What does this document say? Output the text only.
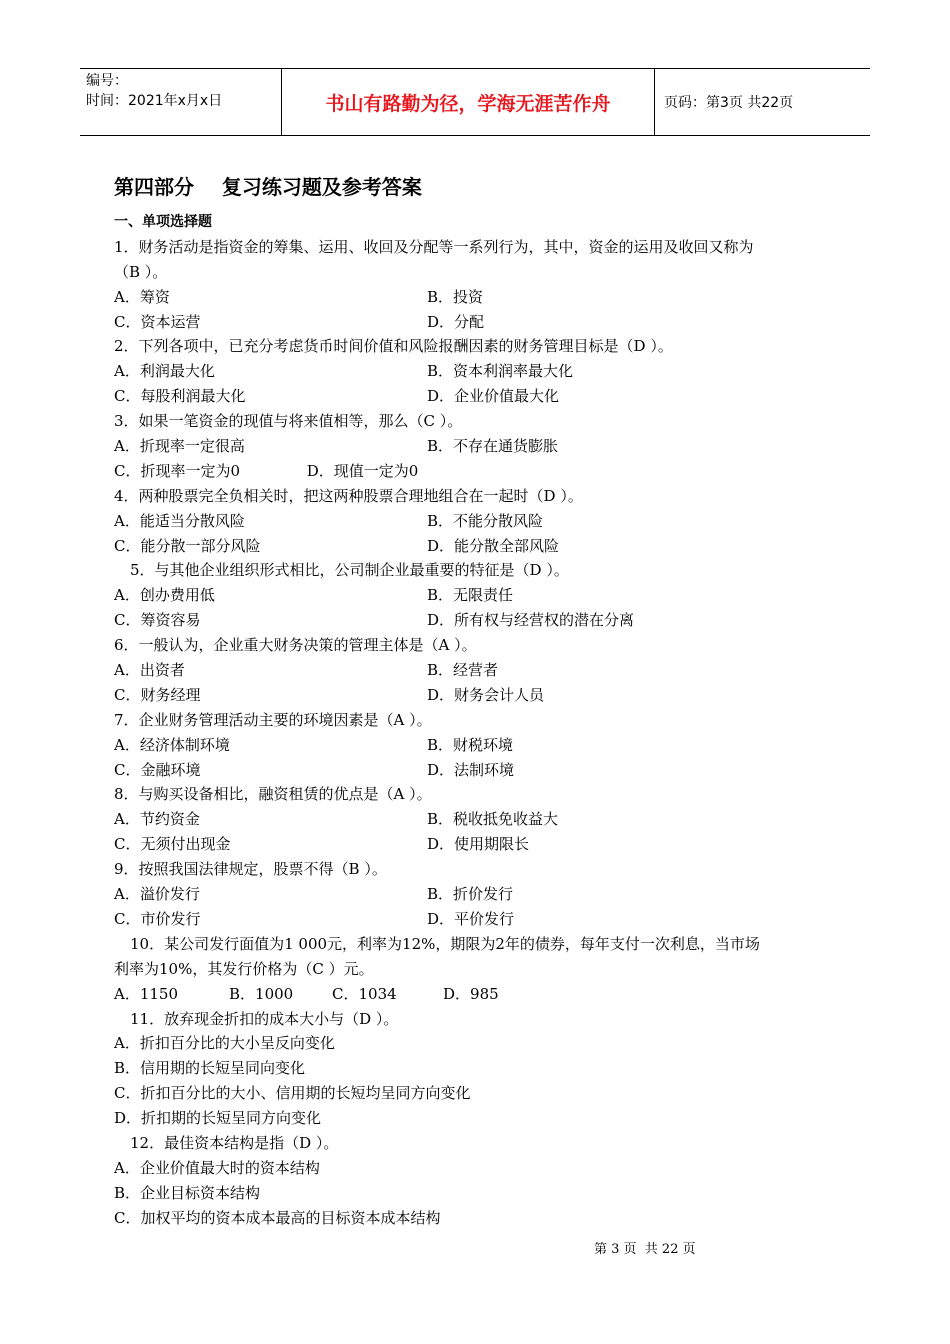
编号：
时间：2021年x月x日	书山有路勤为径，学海无涯苦作舟	页码：第3页 共22页
第四部分    复习练习题及参考答案
一、单项选择题
1．财务活动是指资金的筹集、运用、收回及分配等一系列行为，其中，资金的运用及收回又称为
（B ）。
A．筹资	B．投资
C．资本运营	D．分配
2．下列各项中，已充分考虑货币时间价值和风险报酬因素的财务管理目标是（D ）。
A．利润最大化	B．资本利润率最大化
C．每股利润最大化	D．企业价值最大化
3．如果一笔资金的现值与将来值相等，那么（C ）。
A．折现率一定很高	B．不存在通货膨胀
C．折现率一定为0              D．现值一定为0
4．两种股票完全负相关时，把这两种股票合理地组合在一起时（D ）。
A．能适当分散风险	B．不能分散风险
C．能分散一部分风险	D．能分散全部风险
5．与其他企业组织形式相比，公司制企业最重要的特征是（D ）。
A．创办费用低	B．无限责任
C．筹资容易	D．所有权与经营权的潜在分离
6．一般认为，企业重大财务决策的管理主体是（A ）。
A．出资者	B．经营者
C．财务经理	D．财务会计人员
7．企业财务管理活动主要的环境因素是（A ）。
A．经济体制环境	B．财税环境
C．金融环境	D．法制环境
8．与购买设备相比，融资租赁的优点是（A ）。
A．节约资金	B．税收抵免收益大
C．无须付出现金	D．使用期限长
9．按照我国法律规定，股票不得（B ）。
A．溢价发行	B．折价发行
C．市价发行	D．平价发行
10．某公司发行面值为1 000元，利率为12%，期限为2年的债券，每年支付一次利息，当市场
利率为10%，其发行价格为（C ）元。
A．1150	B．1000	C．1034	D．985
11．放弃现金折扣的成本大小与（D ）。
A．折扣百分比的大小呈反向变化
B．信用期的长短呈同向变化
C．折扣百分比的大小、信用期的长短均呈同方向变化
D．折扣期的长短呈同方向变化
12．最佳资本结构是指（D ）。
A．企业价值最大时的资本结构
B．企业目标资本结构
C．加权平均的资本成本最高的目标资本成本结构
第 3 页  共 22 页
